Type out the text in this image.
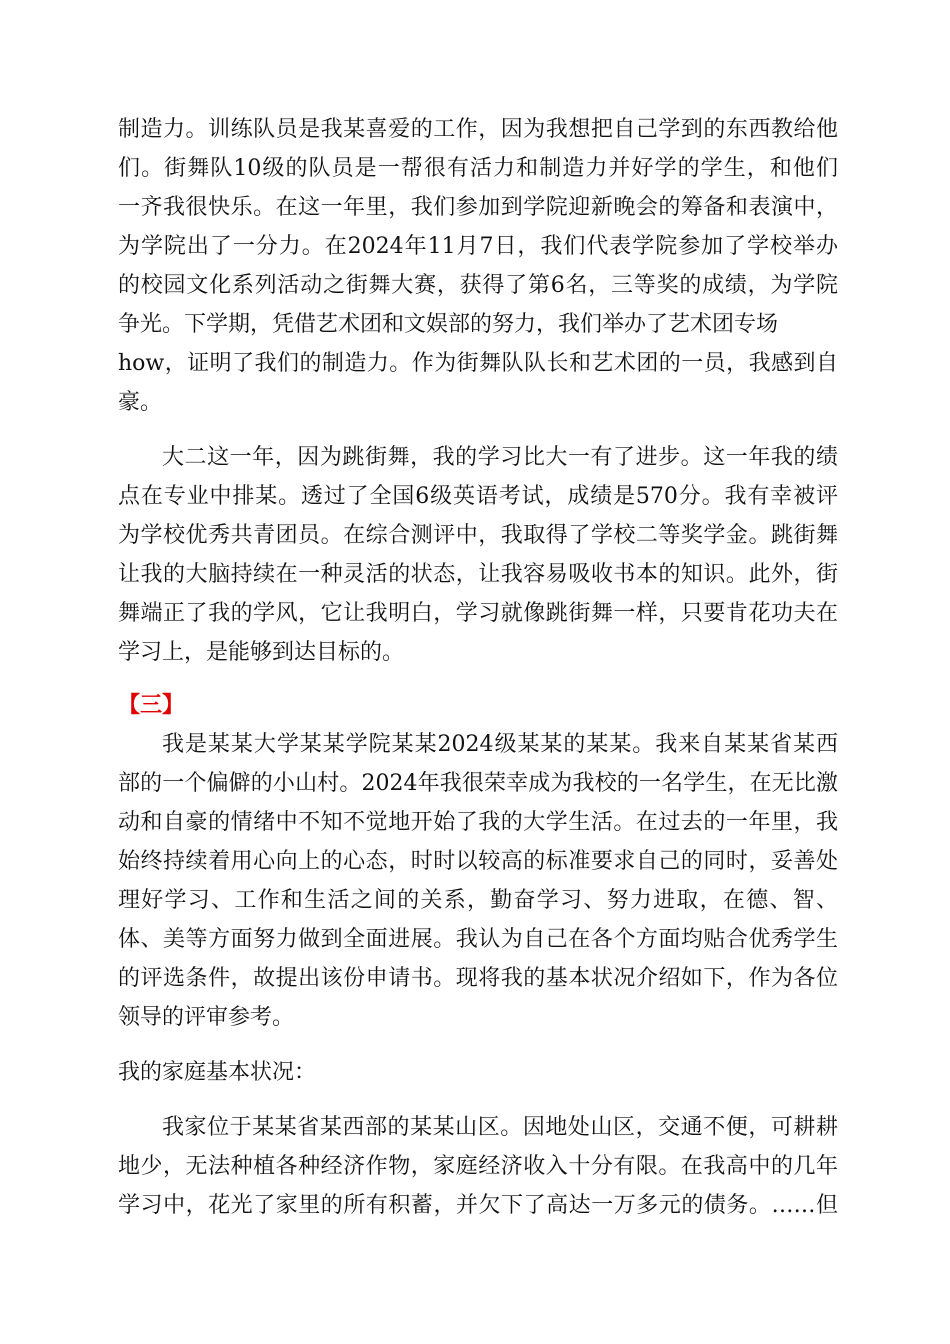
制造力。训练队员是我某喜爱的工作，因为我想把自己学到的东西教给他
们。街舞队10级的队员是一帮很有活力和制造力并好学的学生，和他们
一齐我很快乐。在这一年里，我们参加到学院迎新晚会的筹备和表演中，
为学院出了一分力。在2024年11月7日，我们代表学院参加了学校举办
的校园文化系列活动之街舞大赛，获得了第6名，三等奖的成绩，为学院
争光。下学期，凭借艺术团和文娱部的努力，我们举办了艺术团专场
how，证明了我们的制造力。作为街舞队队长和艺术团的一员，我感到自
豪。
大二这一年，因为跳街舞，我的学习比大一有了进步。这一年我的绩
点在专业中排某。透过了全国6级英语考试，成绩是570分。我有幸被评
为学校优秀共青团员。在综合测评中，我取得了学校二等奖学金。跳街舞
让我的大脑持续在一种灵活的状态，让我容易吸收书本的知识。此外，街
舞端正了我的学风，它让我明白，学习就像跳街舞一样，只要肯花功夫在
学习上，是能够到达目标的。
【三】
我是某某大学某某学院某某2024级某某的某某。我来自某某省某西
部的一个偏僻的小山村。2024年我很荣幸成为我校的一名学生，在无比激
动和自豪的情绪中不知不觉地开始了我的大学生活。在过去的一年里，我
始终持续着用心向上的心态，时时以较高的标准要求自己的同时，妥善处
理好学习、工作和生活之间的关系，勤奋学习、努力进取，在德、智、
体、美等方面努力做到全面进展。我认为自己在各个方面均贴合优秀学生
的评选条件，故提出该份申请书。现将我的基本状况介绍如下，作为各位
领导的评审参考。
我的家庭基本状况：
我家位于某某省某西部的某某山区。因地处山区，交通不便，可耕耕
地少，无法种植各种经济作物，家庭经济收入十分有限。在我高中的几年
学习中，花光了家里的所有积蓄，并欠下了高达一万多元的债务。……但
